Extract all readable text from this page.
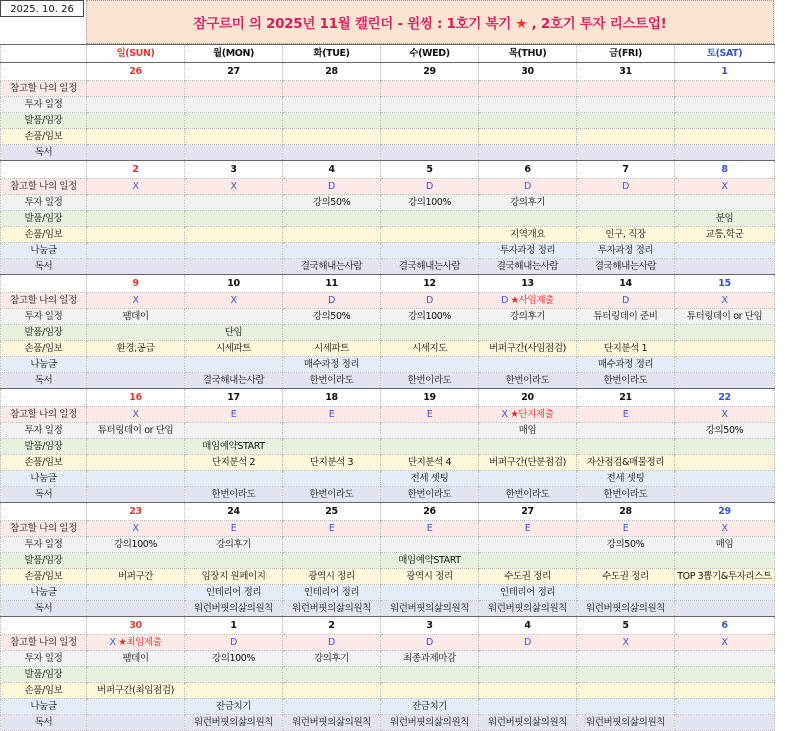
2025. 10. 26
잠구르미 의 2025년 11월 캘린더 - 윈씽 : 1호기 복기 ★ , 2호기 투자 리스트업!
	일(SUN)	월(MON)	화(TUE)	수(WED)	목(THU)	금(FRI)	토(SAT)
	26	27	28	29	30	31	1
참고할 나의 일정							
투자 일정							
발품/임장							
손품/임보							
독서							
	2	3	4	5	6	7	8
참고할 나의 일정	X	X	D	D	D	D	X
투자 일정			강의50%	강의100%	강의후기		
발품/임장							분임
손품/임보					지역개요	인구, 직장	교통,학군
나눔글					투자과정 정리	투자과정 정리	
독서			결국해내는사람	결국해내는사람	결국해내는사람	결국해내는사람	
	9	10	11	12	13	14	15
참고할 나의 일정	X	X	D	D	D ★사임제출	D	X
투자 일정	팸데이		강의50%	강의100%	강의후기	튜터링데이 준비	튜터링데이 or 단임
발품/임장		단임					
손품/임보	환경,공급	시세파트	시세파트	시세지도	버퍼구간(사임점검)	단지분석 1	
나눔글			매수과정 정리			매수과정 정리	
독서		결국해내는사람	한번이라도	한번이라도	한번이라도	한번이라도	
	16	17	18	19	20	21	22
참고할 나의 일정	X	E	E	E	X ★단지제출	E	X
투자 일정	튜터링데이 or 단임				매임		강의50%
발품/임장		매임예약START					
손품/임보		단지분석 2	단지분석 3	단지분석 4	버퍼구간(단분점검)	자산점검&매물정리	
나눔글				전세 셋팅		전세 셋팅	
독서		한번이라도	한번이라도	한번이라도	한번이라도	한번이라도	
	23	24	25	26	27	28	29
참고할 나의 일정	X	E	E	E	E	E	X
투자 일정	강의100%	강의후기				강의50%	매임
발품/임장				매임예약START			
손품/임보	버퍼구간	임장지 원페이지	광역시 정리	광역시 정리	수도권 정리	수도권 정리	TOP 3뽑기&투자리스트
나눔글		인테리어 정리	인테리어 정리		인테리어 정리		
독서		워런버핏의삶의원칙	워런버핏의삶의원칙	워런버핏의삶의원칙	워런버핏의삶의원칙	워런버핏의삶의원칙	
	30	1	2	3	4	5	6
참고할 나의 일정	X ★최임제출	D	D	D	D	X	X
투자 일정	팸데이	강의100%	강의후기	최종과제마감			
발품/임장							
손품/임보	버퍼구간(최임점검)						
나눔글		잔금치기		잔금치기			
독서		워런버핏의삶의원칙	워런버핏의삶의원칙	워런버핏의삶의원칙	워런버핏의삶의원칙	워런버핏의삶의원칙	
